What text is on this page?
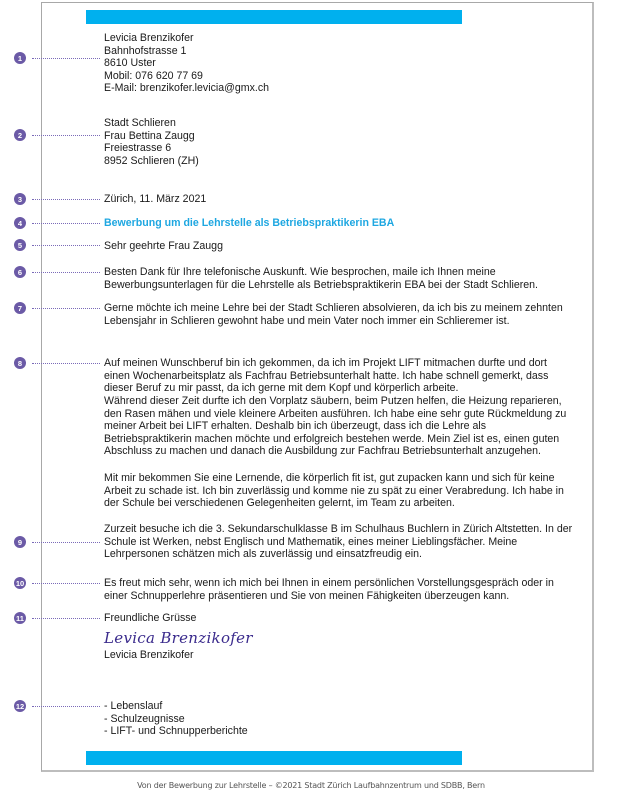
1
2
3
4
5
6
7
8
9
10
11
12

Levicia Brenzikofer

Bahnhofstrasse 1

8610 Uster

Mobil: 076 620 77 69

E-Mail: brenzikofer.levicia@gmx.ch

Stadt Schlieren

Frau Bettina Zaugg

Freiestrasse 6

8952 Schlieren (ZH)

Zürich, 11. März 2021
Bewerbung um die Lehrstelle als Betriebspraktikerin EBA
Sehr geehrte Frau Zaugg
Besten Dank für Ihre telefonische Auskunft. Wie besprochen, maile ich Ihnen meine Bewerbungsunterlagen für die Lehrstelle als Betriebspraktikerin EBA bei der Stadt Schlieren.
Gerne möchte ich meine Lehre bei der Stadt Schlieren absolvieren, da ich bis zu meinem zehnten Lebensjahr in Schlieren gewohnt habe und mein Vater noch immer ein Schlieremer ist.
Auf meinen Wunschberuf bin ich gekommen, da ich im Projekt LIFT mitmachen durfte und dort einen Wochenarbeitsplatz als Fachfrau Betriebsunterhalt hatte. Ich habe schnell gemerkt, dass dieser Beruf zu mir passt, da ich gerne mit dem Kopf und körperlich arbeite.
Während dieser Zeit durfte ich den Vorplatz säubern, beim Putzen helfen, die Heizung reparieren, den Rasen mähen und viele kleinere Arbeiten ausführen. Ich habe eine sehr gute Rückmeldung zu meiner Arbeit bei LIFT erhalten. Deshalb bin ich überzeugt, dass ich die Lehre als Betriebspraktikerin machen möchte und erfolgreich bestehen werde. Mein Ziel ist es, einen guten Abschluss zu machen und danach die Ausbildung zur Fachfrau Betriebsunterhalt anzugehen.
Mit mir bekommen Sie eine Lernende, die körperlich fit ist, gut zupacken kann und sich für keine Arbeit zu schade ist. Ich bin zuverlässig und komme nie zu spät zu einer Verabredung. Ich habe in der Schule bei verschiedenen Gelegenheiten gelernt, im Team zu arbeiten.
Zurzeit besuche ich die 3. Sekundarschulklasse B im Schulhaus Buchlern in Zürich Altstetten. In der Schule ist Werken, nebst Englisch und Mathematik, eines meiner Lieblingsfächer. Meine Lehrpersonen schätzen mich als zuverlässig und einsatzfreudig ein.
Es freut mich sehr, wenn ich mich bei Ihnen in einem persönlichen Vorstellungsgespräch oder in einer Schnupperlehre präsentieren und Sie von meinen Fähigkeiten überzeugen kann.
Freundliche Grüsse
Levica Brenzikofer
Levicia Brenzikofer

- Lebenslauf

- Schulzeugnisse

- LIFT- und Schnupperberichte

Von der Bewerbung zur Lehrstelle – ©2021 Stadt Zürich Laufbahnzentrum und SDBB, Bern
